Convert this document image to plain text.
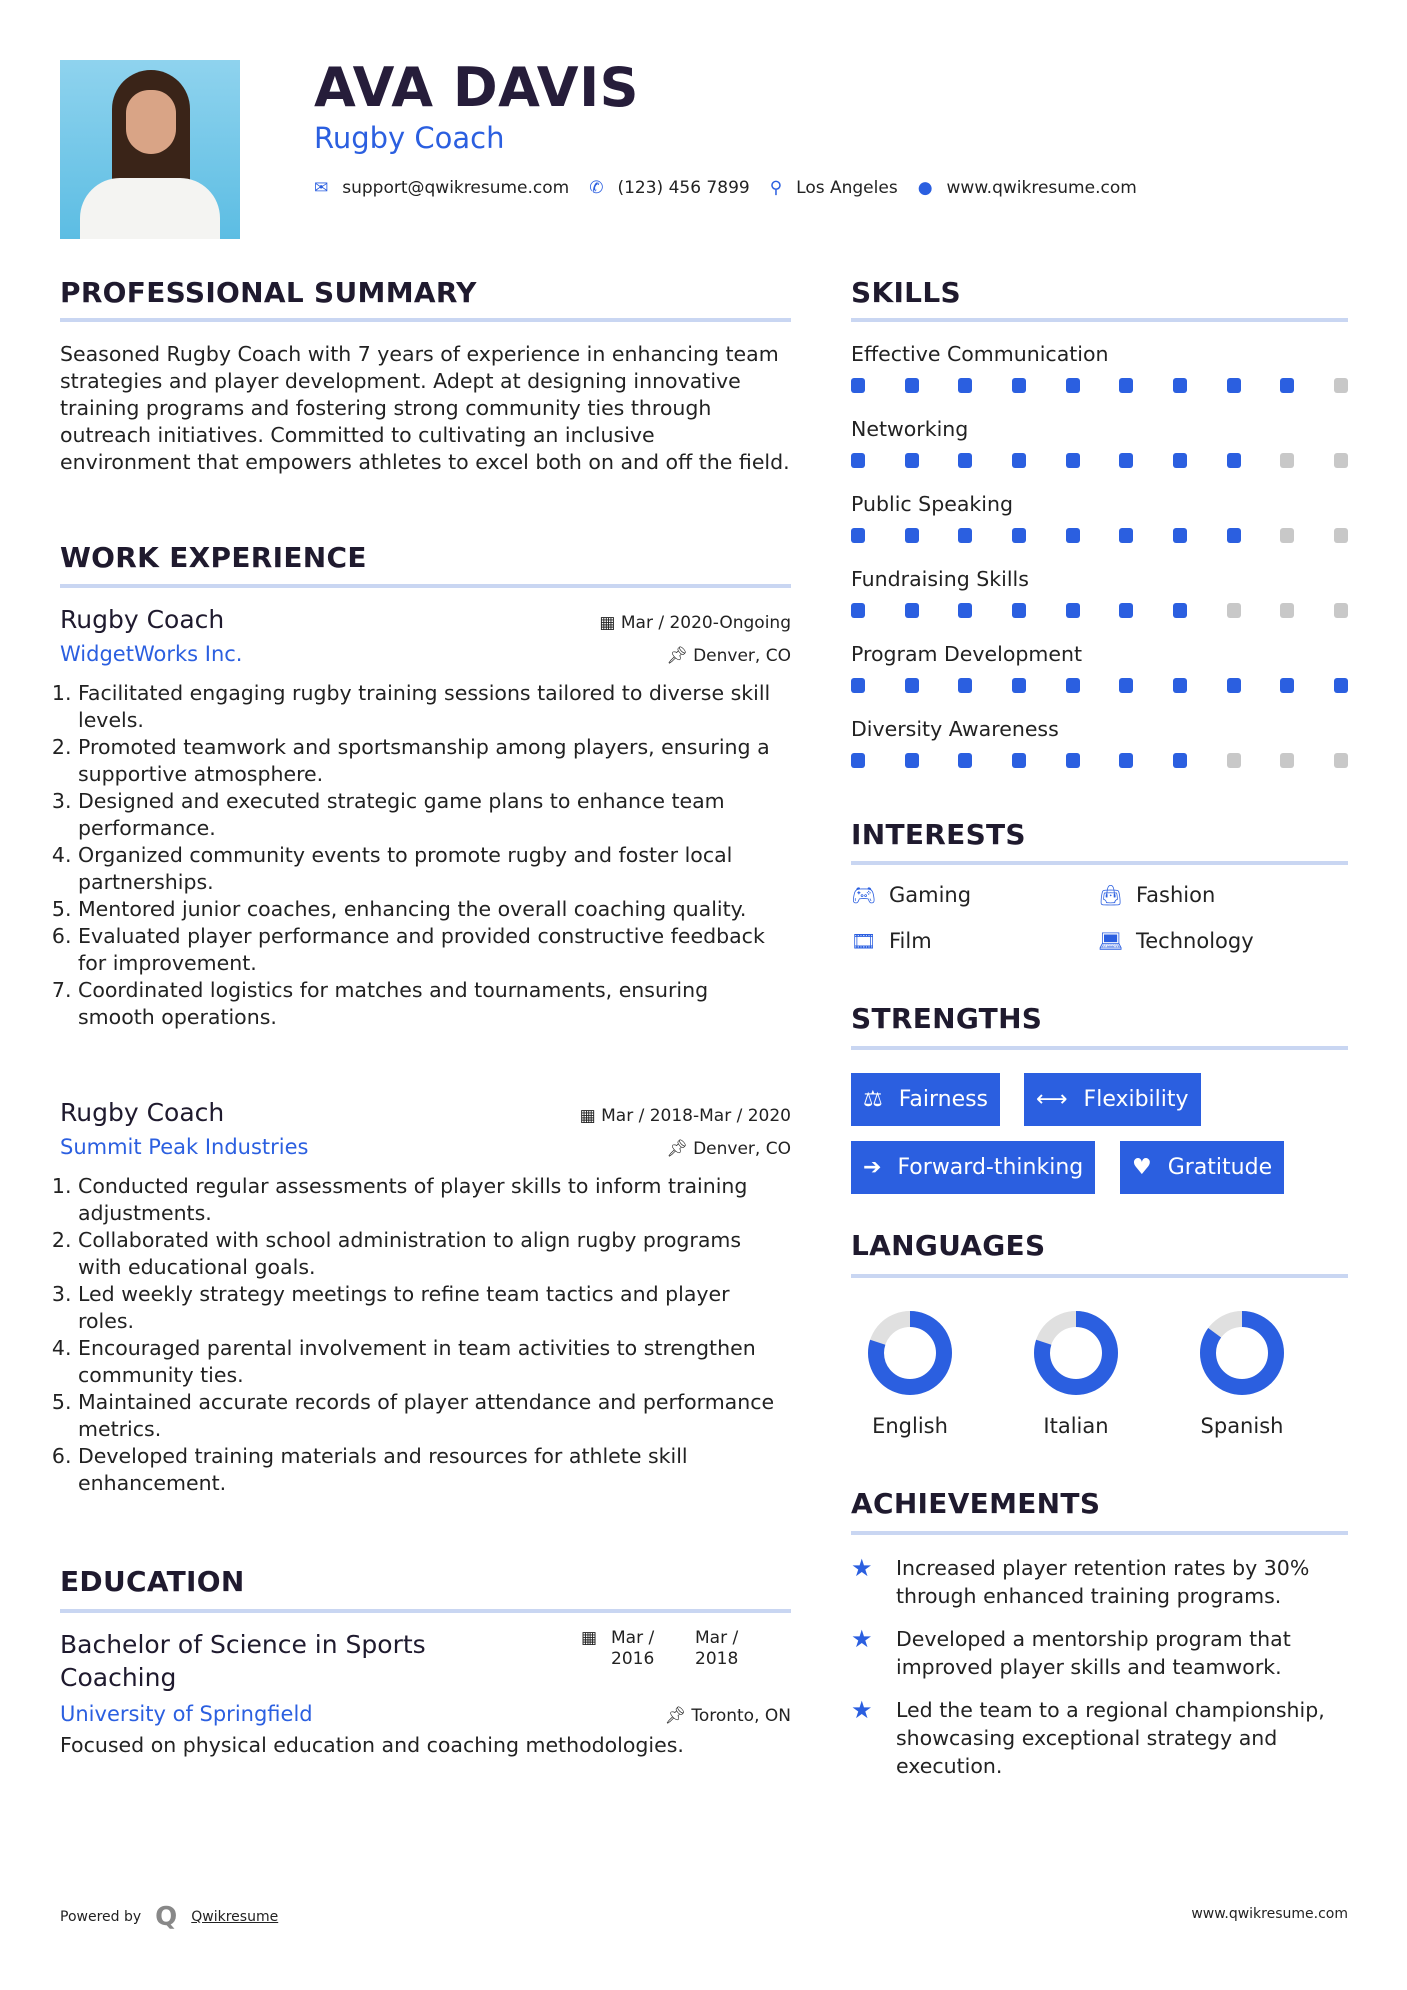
AVA DAVIS
Rugby Coach
✉ support@qwikresume.com ✆ (123) 456 7899 ⚲ Los Angeles ● www.qwikresume.com
PROFESSIONAL SUMMARY
Seasoned Rugby Coach with 7 years of experience in enhancing team strategies and player development. Adept at designing innovative training programs and fostering strong community ties through outreach initiatives. Committed to cultivating an inclusive environment that empowers athletes to excel both on and off the field.
WORK EXPERIENCE
Rugby Coach	▦ Mar / 2020-Ongoing
WidgetWorks Inc.	📌︎ Denver, CO
1. Facilitated engaging rugby training sessions tailored to diverse skill levels.
2. Promoted teamwork and sportsmanship among players, ensuring a supportive atmosphere.
3. Designed and executed strategic game plans to enhance team performance.
4. Organized community events to promote rugby and foster local partnerships.
5. Mentored junior coaches, enhancing the overall coaching quality.
6. Evaluated player performance and provided constructive feedback for improvement.
7. Coordinated logistics for matches and tournaments, ensuring smooth operations.
Rugby Coach	▦ Mar / 2018-Mar / 2020
Summit Peak Industries	📌︎ Denver, CO
1. Conducted regular assessments of player skills to inform training adjustments.
2. Collaborated with school administration to align rugby programs with educational goals.
3. Led weekly strategy meetings to refine team tactics and player roles.
4. Encouraged parental involvement in team activities to strengthen community ties.
5. Maintained accurate records of player attendance and performance metrics.
6. Developed training materials and resources for athlete skill enhancement.
EDUCATION
Bachelor of Science in Sports Coaching
▦ Mar / 2016
Mar / 2018
University of Springfield	📌︎ Toronto, ON
Focused on physical education and coaching methodologies.
SKILLS
Effective Communication
Networking
Public Speaking
Fundraising Skills
Program Development
Diversity Awareness
INTERESTS
🎮︎ Gaming	👜︎ Fashion
🎞︎ Film	💻︎ Technology
STRENGTHS
⚖ Fairness ⟷ Flexibility
➔ Forward-thinking ♥ Gratitude
LANGUAGES
English	Italian	Spanish
ACHIEVEMENTS
★	Increased player retention rates by 30% through enhanced training programs.
★	Developed a mentorship program that improved player skills and teamwork.
★	Led the team to a regional championship, showcasing exceptional strategy and execution.
Powered by Q Qwikresume	www.qwikresume.com
